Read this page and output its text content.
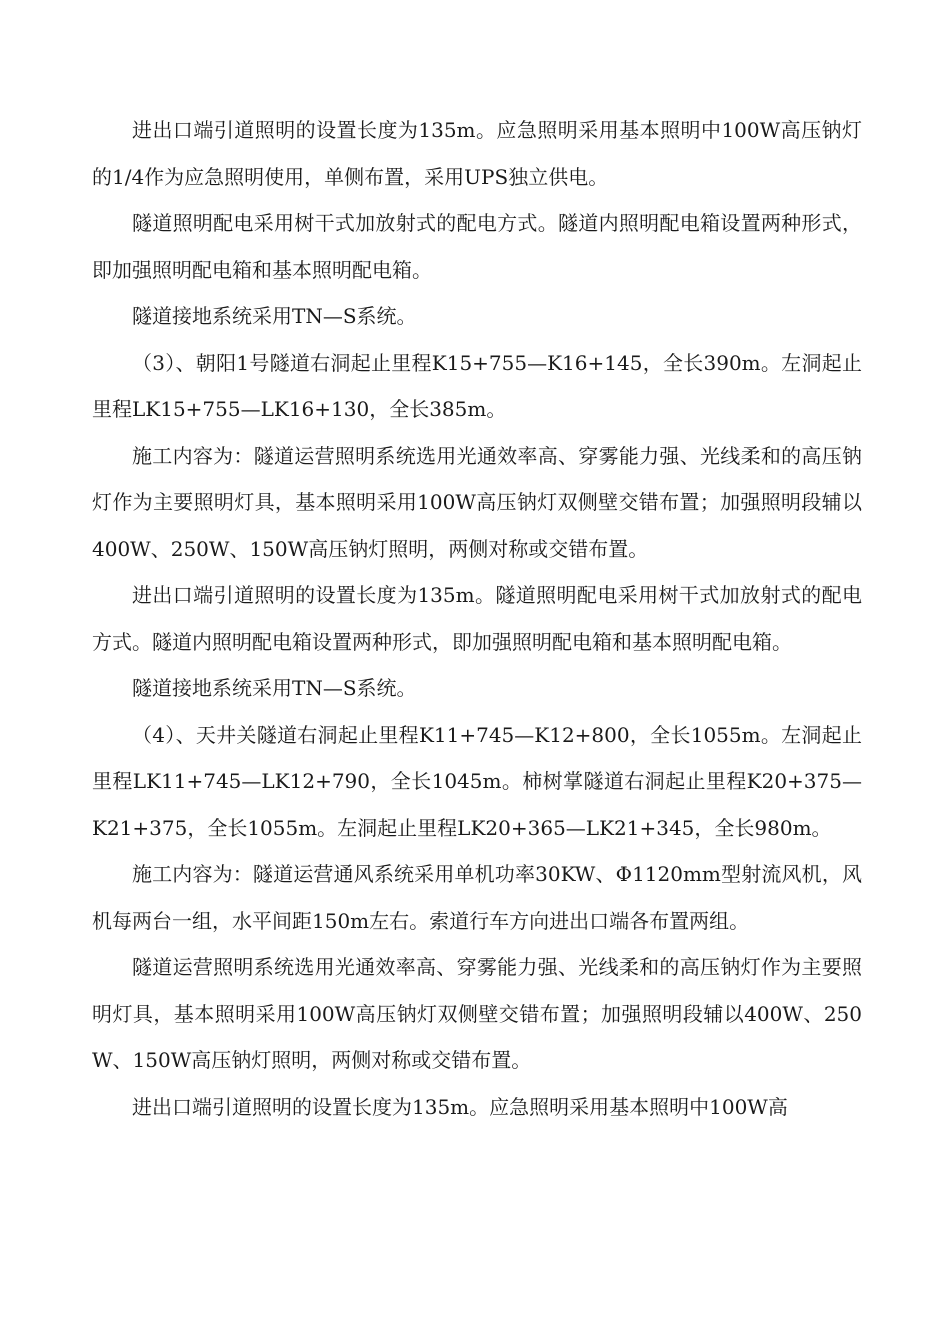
进出口端引道照明的设置长度为135m。应急照明采用基本照明中100W高压钠灯的1/4作为应急照明使用，单侧布置，采用UPS独立供电。

隧道照明配电采用树干式加放射式的配电方式。隧道内照明配电箱设置两种形式，即加强照明配电箱和基本照明配电箱。

隧道接地系统采用TN—S系统。

（3）、朝阳1号隧道右洞起止里程K15+755—K16+145，全长390m。左洞起止里程LK15+755—LK16+130，全长385m。

施工内容为：隧道运营照明系统选用光通效率高、穿雾能力强、光线柔和的高压钠灯作为主要照明灯具，基本照明采用100W高压钠灯双侧壁交错布置；加强照明段辅以400W、250W、150W高压钠灯照明，两侧对称或交错布置。

进出口端引道照明的设置长度为135m。隧道照明配电采用树干式加放射式的配电方式。隧道内照明配电箱设置两种形式，即加强照明配电箱和基本照明配电箱。

隧道接地系统采用TN—S系统。

（4）、天井关隧道右洞起止里程K11+745—K12+800，全长1055m。左洞起止里程LK11+745—LK12+790，全长1045m。柿树掌隧道右洞起止里程K20+375—K21+375，全长1055m。左洞起止里程LK20+365—LK21+345，全长980m。

施工内容为：隧道运营通风系统采用单机功率30KW、Φ1120mm型射流风机，风机每两台一组，水平间距150m左右。索道行车方向进出口端各布置两组。

隧道运营照明系统选用光通效率高、穿雾能力强、光线柔和的高压钠灯作为主要照明灯具，基本照明采用100W高压钠灯双侧壁交错布置；加强照明段辅以400W、250W、150W高压钠灯照明，两侧对称或交错布置。

进出口端引道照明的设置长度为135m。应急照明采用基本照明中100W高
